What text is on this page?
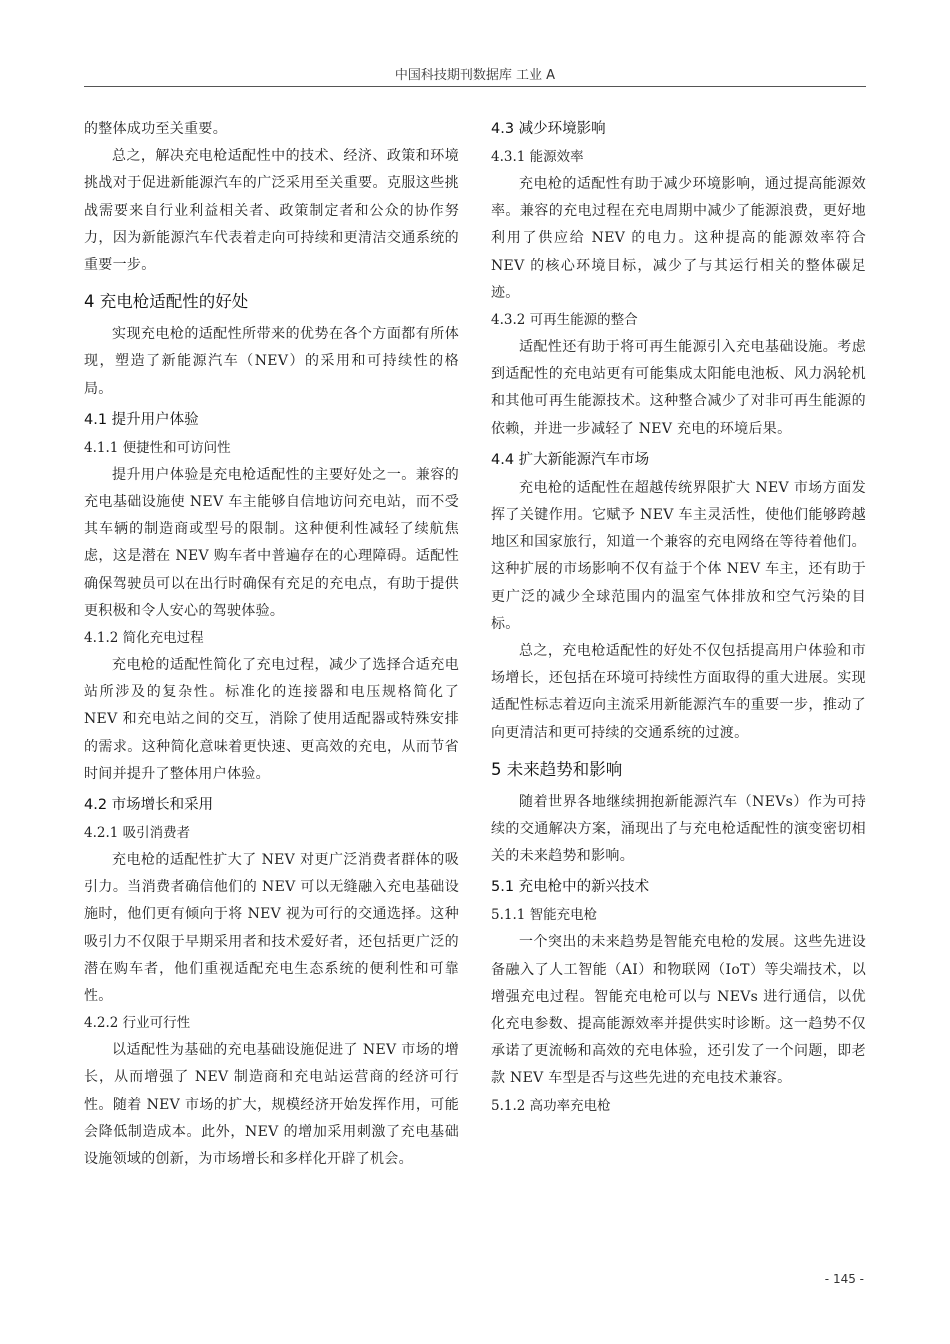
中国科技期刊数据库 工业 A

的整体成功至关重要。

总之，解决充电枪适配性中的技术、经济、政策和环境挑战对于促进新能源汽车的广泛采用至关重要。克服这些挑战需要来自行业利益相关者、政策制定者和公众的协作努力，因为新能源汽车代表着走向可持续和更清洁交通系统的重要一步。

4 充电枪适配性的好处

实现充电枪的适配性所带来的优势在各个方面都有所体现，塑造了新能源汽车（NEV）的采用和可持续性的格局。

4.1 提升用户体验
4.1.1 便捷性和可访问性

提升用户体验是充电枪适配性的主要好处之一。兼容的充电基础设施使 NEV 车主能够自信地访问充电站，而不受其车辆的制造商或型号的限制。这种便利性减轻了续航焦虑，这是潜在 NEV 购车者中普遍存在的心理障碍。适配性确保驾驶员可以在出行时确保有充足的充电点，有助于提供更积极和令人安心的驾驶体验。

4.1.2 简化充电过程

充电枪的适配性简化了充电过程，减少了选择合适充电站所涉及的复杂性。标准化的连接器和电压规格简化了 NEV 和充电站之间的交互，消除了使用适配器或特殊安排的需求。这种简化意味着更快速、更高效的充电，从而节省时间并提升了整体用户体验。

4.2 市场增长和采用
4.2.1 吸引消费者

充电枪的适配性扩大了 NEV 对更广泛消费者群体的吸引力。当消费者确信他们的 NEV 可以无缝融入充电基础设施时，他们更有倾向于将 NEV 视为可行的交通选择。这种吸引力不仅限于早期采用者和技术爱好者，还包括更广泛的潜在购车者，他们重视适配充电生态系统的便利性和可靠性。

4.2.2 行业可行性

以适配性为基础的充电基础设施促进了 NEV 市场的增长，从而增强了 NEV 制造商和充电站运营商的经济可行性。随着 NEV 市场的扩大，规模经济开始发挥作用，可能会降低制造成本。此外，NEV 的增加采用刺激了充电基础设施领域的创新，为市场增长和多样化开辟了机会。

4.3 减少环境影响
4.3.1 能源效率

充电枪的适配性有助于减少环境影响，通过提高能源效率。兼容的充电过程在充电周期中减少了能源浪费，更好地利用了供应给 NEV 的电力。这种提高的能源效率符合 NEV 的核心环境目标，减少了与其运行相关的整体碳足迹。

4.3.2 可再生能源的整合

适配性还有助于将可再生能源引入充电基础设施。考虑到适配性的充电站更有可能集成太阳能电池板、风力涡轮机和其他可再生能源技术。这种整合减少了对非可再生能源的依赖，并进一步减轻了 NEV 充电的环境后果。

4.4 扩大新能源汽车市场

充电枪的适配性在超越传统界限扩大 NEV 市场方面发挥了关键作用。它赋予 NEV 车主灵活性，使他们能够跨越地区和国家旅行，知道一个兼容的充电网络在等待着他们。这种扩展的市场影响不仅有益于个体 NEV 车主，还有助于更广泛的减少全球范围内的温室气体排放和空气污染的目标。

总之，充电枪适配性的好处不仅包括提高用户体验和市场增长，还包括在环境可持续性方面取得的重大进展。实现适配性标志着迈向主流采用新能源汽车的重要一步，推动了向更清洁和更可持续的交通系统的过渡。

5 未来趋势和影响

随着世界各地继续拥抱新能源汽车（NEVs）作为可持续的交通解决方案，涌现出了与充电枪适配性的演变密切相关的未来趋势和影响。

5.1 充电枪中的新兴技术
5.1.1 智能充电枪

一个突出的未来趋势是智能充电枪的发展。这些先进设备融入了人工智能（AI）和物联网（IoT）等尖端技术，以增强充电过程。智能充电枪可以与 NEVs 进行通信，以优化充电参数、提高能源效率并提供实时诊断。这一趋势不仅承诺了更流畅和高效的充电体验，还引发了一个问题，即老款 NEV 车型是否与这些先进的充电技术兼容。

5.1.2 高功率充电枪
- 145 -
